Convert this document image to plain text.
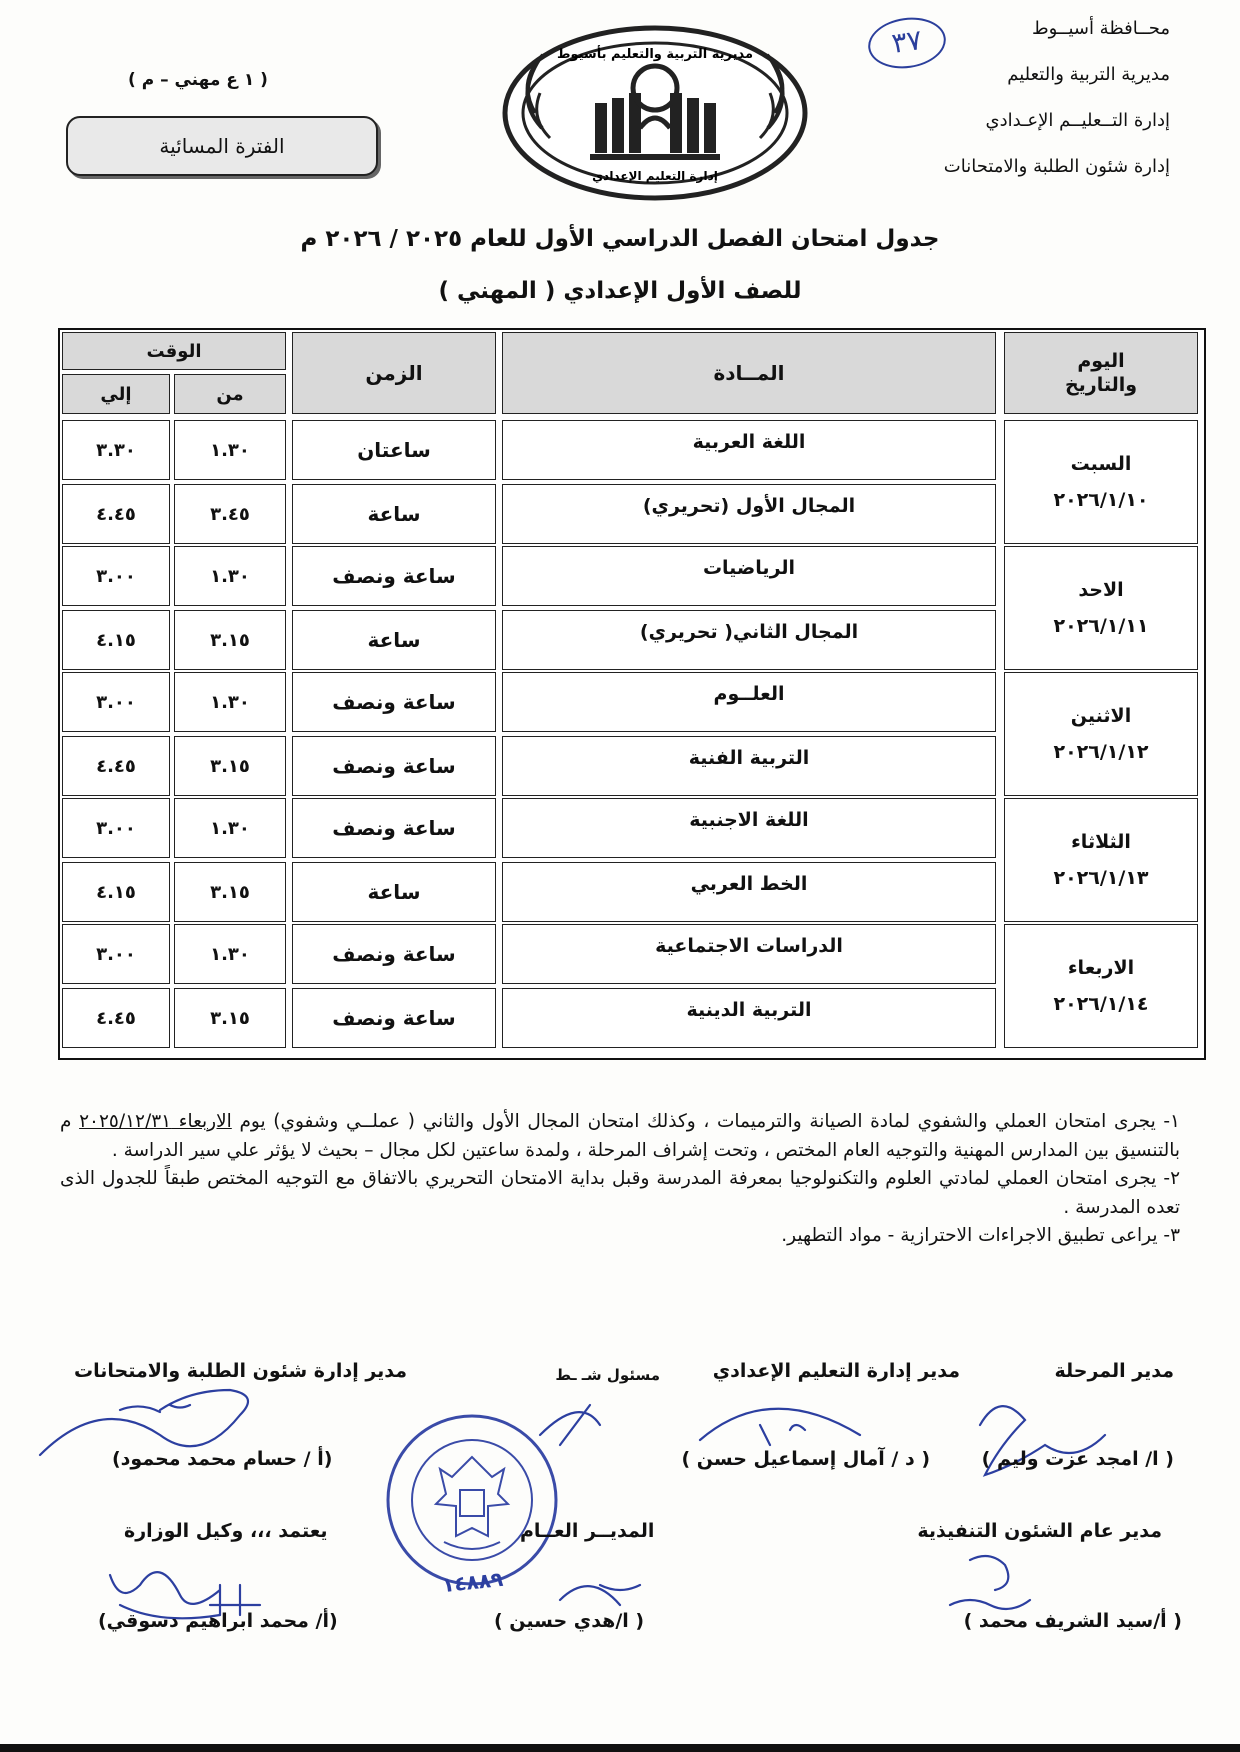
محــافظة أسيــوط
مديرية التربية والتعليم
إدارة التــعليــم الإعـدادي
إدارة شئون الطلبة والامتحانات
٣٧
( ١ ع مهني – م )
الفترة المسائية
مديرية التربية والتعليم بأسيوط
إدارة التعليم الإعدادي
جدول امتحان الفصل الدراسي الأول للعام ٢٠٢٥ / ٢٠٢٦ م
للصف الأول الإعدادي ( المهني )
اليوم
والتاريخ
المــادة
الزمن
الوقت
من
إلي
السبت
٢٠٢٦/١/١٠
اللغة العربية
ساعتان
١.٣٠
٣.٣٠
المجال الأول (تحريري)
ساعة
٣.٤٥
٤.٤٥
الاحد
٢٠٢٦/١/١١
الرياضيات
ساعة ونصف
١.٣٠
٣.٠٠
المجال الثاني( تحريري)
ساعة
٣.١٥
٤.١٥
الاثنين
٢٠٢٦/١/١٢
العلــوم
ساعة ونصف
١.٣٠
٣.٠٠
التربية الفنية
ساعة ونصف
٣.١٥
٤.٤٥
الثلاثاء
٢٠٢٦/١/١٣
اللغة الاجنبية
ساعة ونصف
١.٣٠
٣.٠٠
الخط العربي
ساعة
٣.١٥
٤.١٥
الاربعاء
٢٠٢٦/١/١٤
الدراسات الاجتماعية
ساعة ونصف
١.٣٠
٣.٠٠
التربية الدينية
ساعة ونصف
٣.١٥
٤.٤٥

١- يجرى امتحان العملي والشفوي لمادة الصيانة والترميمات ، وكذلك امتحان المجال الأول والثاني ( عملــي وشفوي) يوم الاربعاء ٢٠٢٥/١٢/٣١ م بالتنسيق بين المدارس المهنية والتوجيه العام المختص ، وتحت إشراف المرحلة ، ولمدة ساعتين لكل مجال – بحيث لا يؤثر علي سير الدراسة .

٢- يجرى امتحان العملي لمادتي العلوم والتكنولوجيا بمعرفة المدرسة وقبل بداية الامتحان التحريري بالاتفاق مع التوجيه المختص طبقاً للجدول الذى تعده المدرسة .

٣- يراعى تطبيق الاجراءات الاحترازية - مواد التطهير.

مدير المرحلة
مدير إدارة التعليم الإعدادي
مسئول شـ ـط
مدير إدارة شئون الطلبة والامتحانات
( ا/ امجد عزت وليم )
( د / آمال إسماعيل حسن )
(أ / حسام محمد محمود)
مدير عام الشئون التنفيذية
المديــر العــام
يعتمد ،،، وكيل الوزارة
١٤٨٨٩
( أ/سيد الشريف محمد )
( ا/هدي حسين )
(أ/ محمد ابراهيم دسوقي)
